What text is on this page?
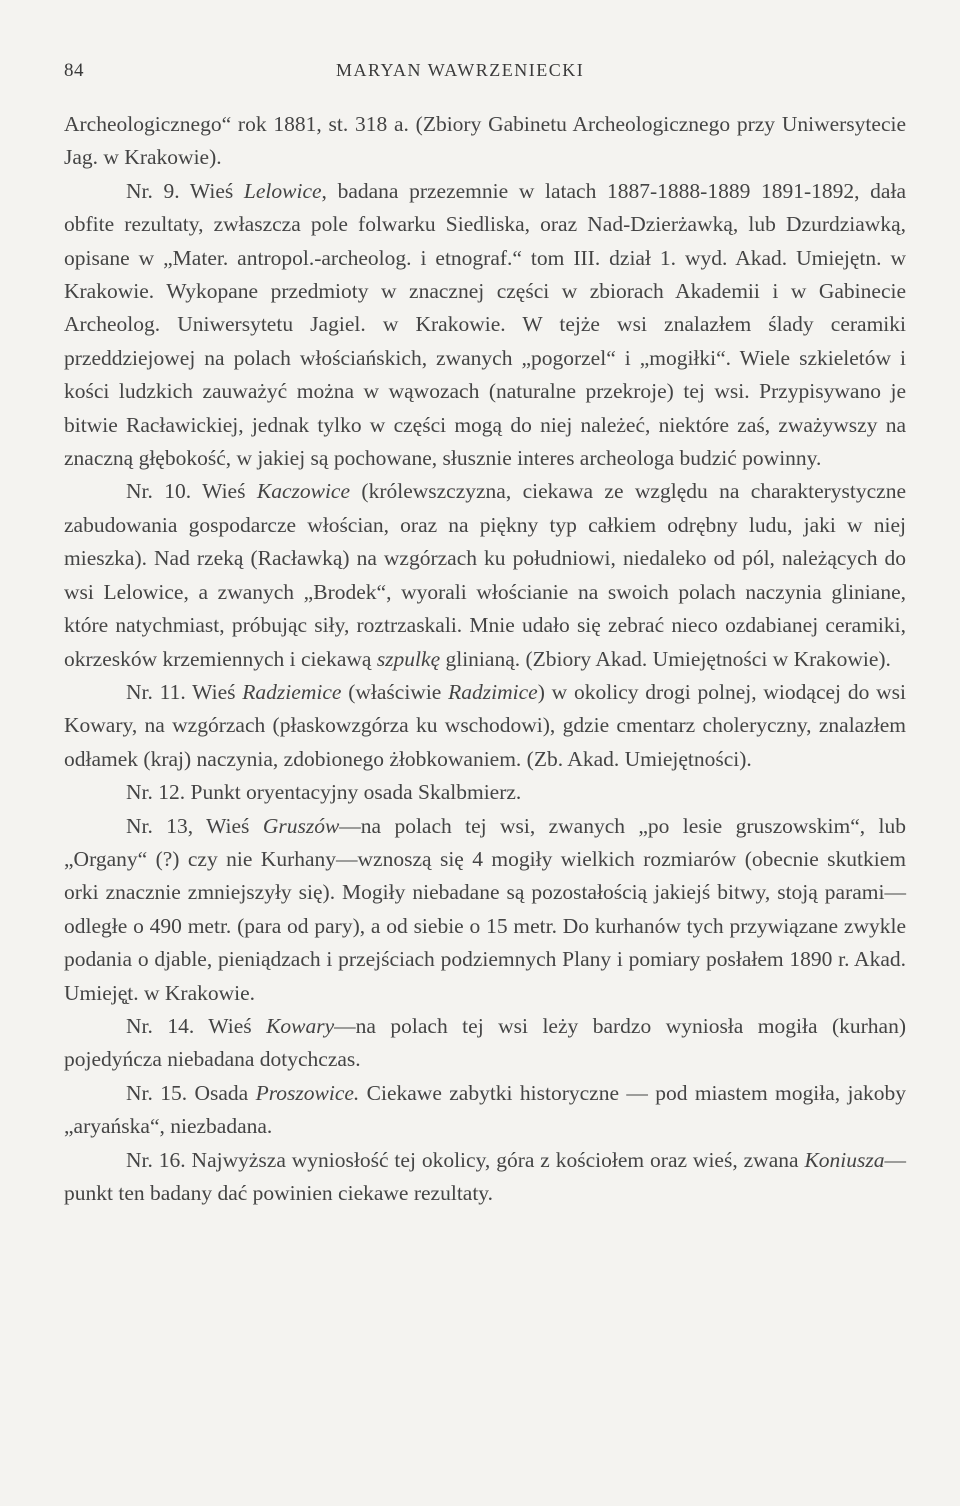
84	MARYAN WAWRZENIECKI

Archeologicznego“ rok 1881, st. 318 a. (Zbiory Gabinetu Archeologicznego przy Uniwersytecie Jag. w Krakowie).

Nr. 9. Wieś Lelowice, badana przezemnie w latach 1887-1888-1889 1891-1892, dała obfite rezultaty, zwłaszcza pole folwarku Siedliska, oraz Nad-Dzierżawką, lub Dzurdziawką, opisane w „Mater. antropol.-archeolog. i etnograf.“ tom III. dział 1. wyd. Akad. Umiejętn. w Krakowie. Wykopane przedmioty w znacznej części w zbiorach Akademii i w Gabinecie Archeolog. Uniwersytetu Jagiel. w Krakowie. W tejże wsi znalazłem ślady ceramiki przeddziejowej na polach włościańskich, zwanych „pogorzel“ i „mogiłki“. Wiele szkieletów i kości ludzkich zauważyć można w wąwozach (naturalne przekroje) tej wsi. Przypisywano je bitwie Racławickiej, jednak tylko w części mogą do niej należeć, niektóre zaś, zważywszy na znaczną głębokość, w jakiej są pochowane, słusznie interes archeologa budzić powinny.

Nr. 10. Wieś Kaczowice (królewszczyzna, ciekawa ze względu na charakterystyczne zabudowania gospodarcze włościan, oraz na piękny typ całkiem odrębny ludu, jaki w niej mieszka). Nad rzeką (Racławką) na wzgórzach ku południowi, niedaleko od pól, należących do wsi Lelowice, a zwanych „Brodek“, wyorali włościanie na swoich polach naczynia gliniane, które natychmiast, próbując siły, roztrzaskali. Mnie udało się zebrać nieco ozdabianej ceramiki, okrzesków krzemiennych i ciekawą szpulkę glinianą. (Zbiory Akad. Umiejętności w Krakowie).

Nr. 11. Wieś Radziemice (właściwie Radzimice) w okolicy drogi polnej, wiodącej do wsi Kowary, na wzgórzach (płaskowzgórza ku wschodowi), gdzie cmentarz choleryczny, znalazłem odłamek (kraj) naczynia, zdobionego żłobkowaniem. (Zb. Akad. Umiejętności).

Nr. 12. Punkt oryentacyjny osada Skalbmierz.

Nr. 13, Wieś Gruszów—na polach tej wsi, zwanych „po lesie gruszowskim“, lub „Organy“ (?) czy nie Kurhany—wznoszą się 4 mogiły wielkich rozmiarów (obecnie skutkiem orki znacznie zmniejszyły się). Mogiły niebadane są pozostałością jakiejś bitwy, stoją parami—odległe o 490 metr. (para od pary), a od siebie o 15 metr. Do kurhanów tych przywiązane zwykle podania o djable, pieniądzach i przejściach podziemnych Plany i pomiary posłałem 1890 r. Akad. Umieję̨t. w Krakowie.

Nr. 14. Wieś Kowary—na polach tej wsi leży bardzo wyniosła mogiła (kurhan) pojedyńcza niebadana dotychczas.

Nr. 15. Osada Proszowice. Ciekawe zabytki historyczne — pod miastem mogiła, jakoby „aryańska“, niezbadana.

Nr. 16. Najwyższa wyniosłość tej okolicy, góra z kościołem oraz wieś, zwana Koniusza—punkt ten badany dać powinien ciekawe rezultaty.
